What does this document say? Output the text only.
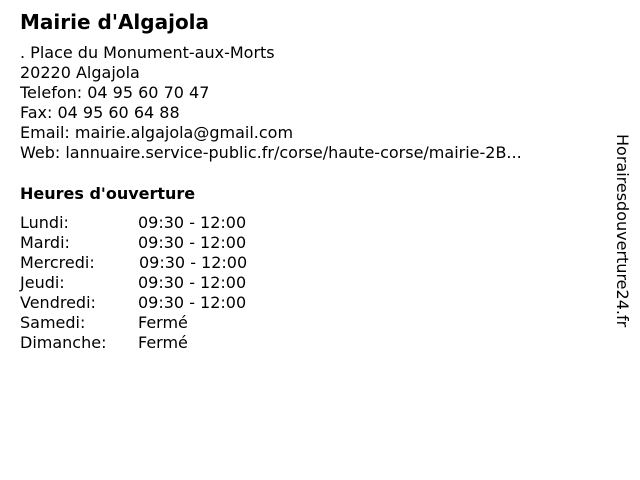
Mairie d'Algajola
. Place du Monument-aux-Morts
20220 Algajola
Telefon: 04 95 60 70 47
Fax: 04 95 60 64 88
Email: mairie.algajola@gmail.com
Web: lannuaire.service-public.fr/corse/haute-corse/mairie-2B...
Heures d'ouverture
Lundi:	09:30 - 12:00
Mardi:	09:30 - 12:00
Mercredi:	09:30 - 12:00
Jeudi:	09:30 - 12:00
Vendredi:	09:30 - 12:00
Samedi:	Fermé
Dimanche: Fermé
Horairesdouverture24.fr
